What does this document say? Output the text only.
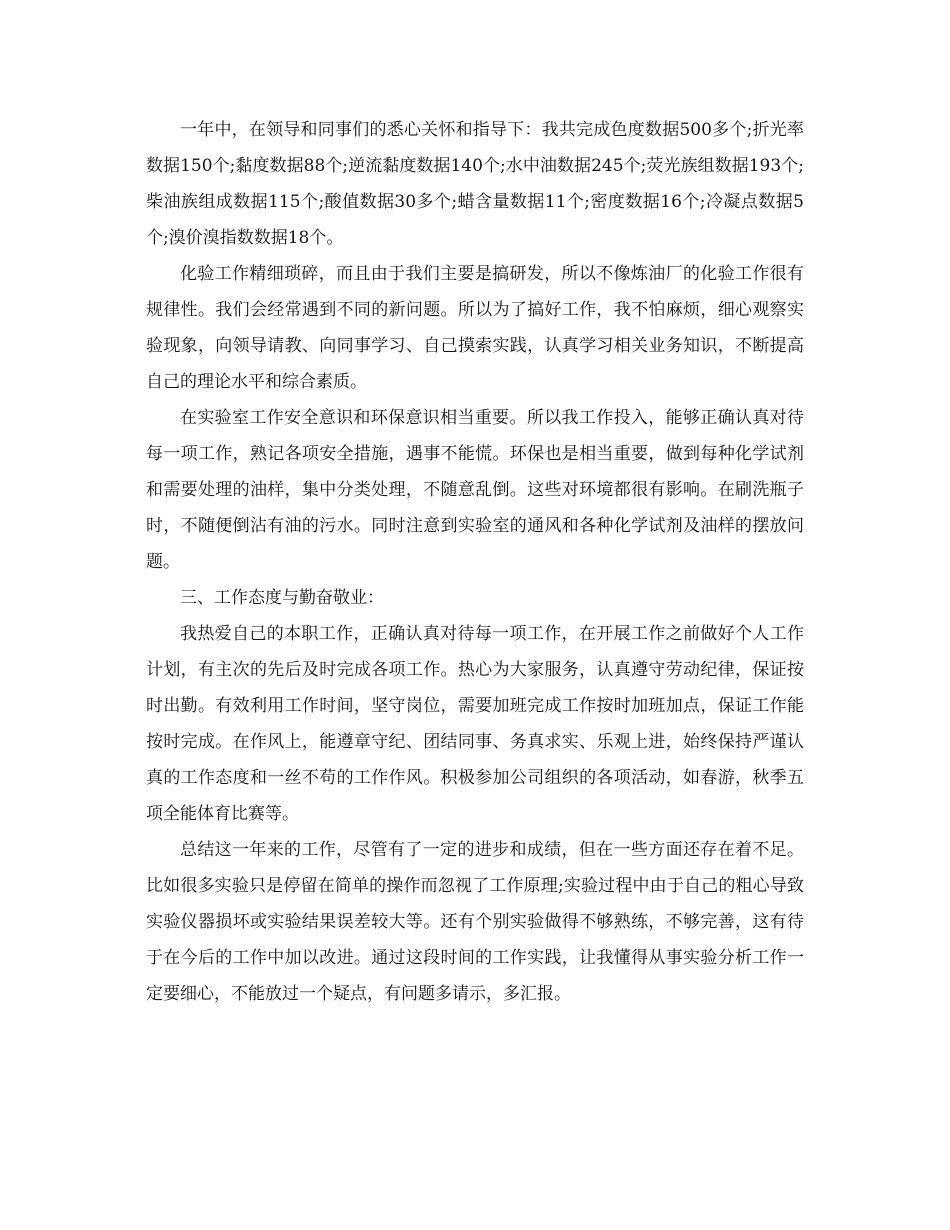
一年中，在领导和同事们的悉心关怀和指导下：我共完成色度数据500多个;折光率数据150个;黏度数据88个;逆流黏度数据140个;水中油数据245个;荧光族组数据193个;柴油族组成数据115个;酸值数据30多个;蜡含量数据11个;密度数据16个;冷凝点数据5个;溴价溴指数数据18个。

化验工作精细琐碎，而且由于我们主要是搞研发，所以不像炼油厂的化验工作很有规律性。我们会经常遇到不同的新问题。所以为了搞好工作，我不怕麻烦，细心观察实验现象，向领导请教、向同事学习、自己摸索实践，认真学习相关业务知识，不断提高自己的理论水平和综合素质。

在实验室工作安全意识和环保意识相当重要。所以我工作投入，能够正确认真对待每一项工作，熟记各项安全措施，遇事不能慌。环保也是相当重要，做到每种化学试剂和需要处理的油样，集中分类处理，不随意乱倒。这些对环境都很有影响。在刷洗瓶子时，不随便倒沾有油的污水。同时注意到实验室的通风和各种化学试剂及油样的摆放问题。

三、工作态度与勤奋敬业：

我热爱自己的本职工作，正确认真对待每一项工作，在开展工作之前做好个人工作计划，有主次的先后及时完成各项工作。热心为大家服务，认真遵守劳动纪律，保证按时出勤。有效利用工作时间，坚守岗位，需要加班完成工作按时加班加点，保证工作能按时完成。在作风上，能遵章守纪、团结同事、务真求实、乐观上进，始终保持严谨认真的工作态度和一丝不苟的工作作风。积极参加公司组织的各项活动，如春游，秋季五项全能体育比赛等。

总结这一年来的工作，尽管有了一定的进步和成绩，但在一些方面还存在着不足。比如很多实验只是停留在简单的操作而忽视了工作原理;实验过程中由于自己的粗心导致实验仪器损坏或实验结果误差较大等。还有个别实验做得不够熟练，不够完善，这有待于在今后的工作中加以改进。通过这段时间的工作实践，让我懂得从事实验分析工作一定要细心，不能放过一个疑点，有问题多请示，多汇报。
